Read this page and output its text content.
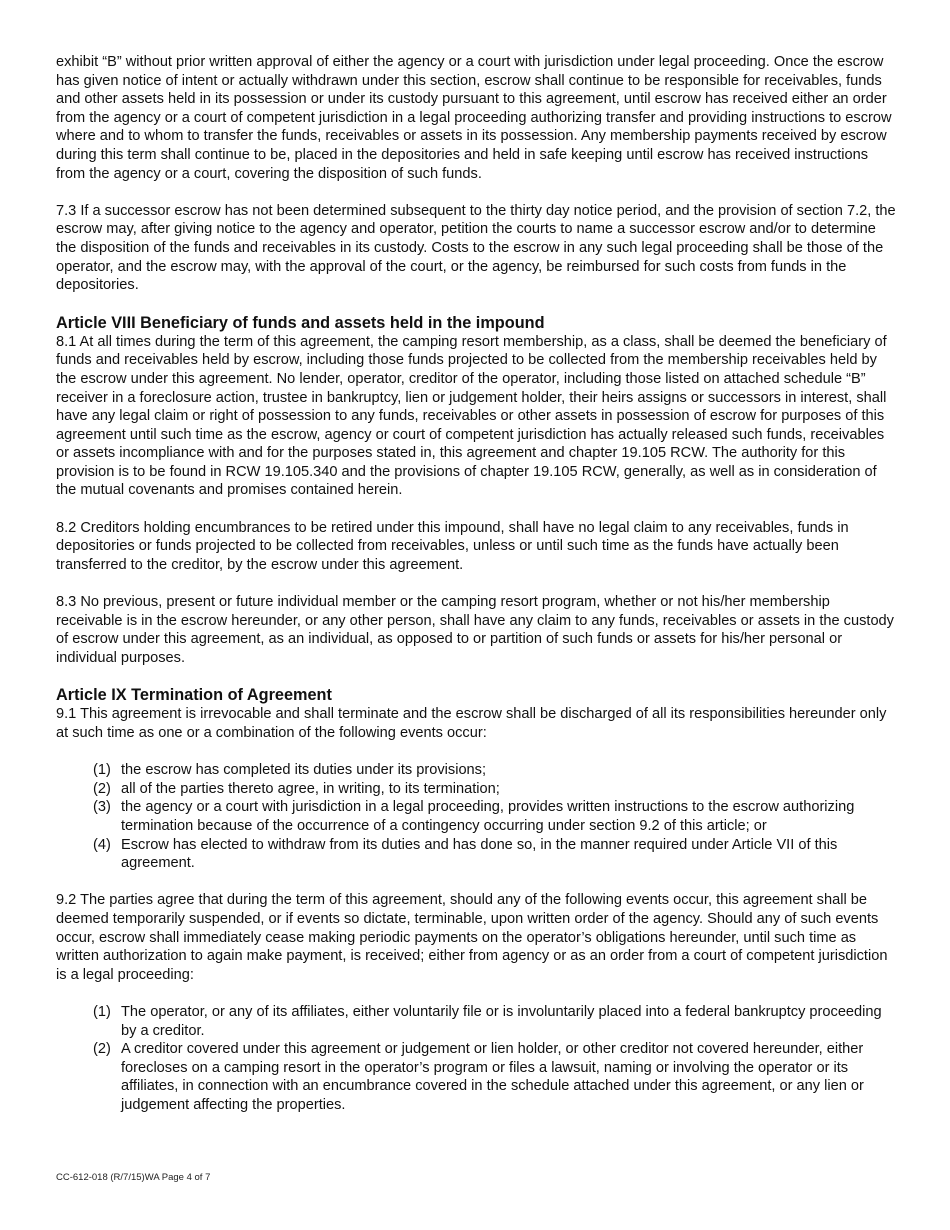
exhibit “B” without prior written approval of either the agency or a court with jurisdiction under legal proceeding. Once the escrow has given notice of intent or actually withdrawn under this section, escrow shall continue to be responsible for receivables, funds and other assets held in its possession or under its custody pursuant to this agreement, until escrow has received either an order from the agency or a court of competent jurisdiction in a legal proceeding authorizing transfer and providing instructions to escrow where and to whom to transfer the funds, receivables or assets in its possession. Any membership payments received by escrow during this term shall continue to be, placed in the depositories and held in safe keeping until escrow has received instructions from the agency or a court, covering the disposition of such funds.

7.3 If a successor escrow has not been determined subsequent to the thirty day notice period, and the provision of section 7.2, the escrow may, after giving notice to the agency and operator, petition the courts to name a successor escrow and/or to determine the disposition of the funds and receivables in its custody. Costs to the escrow in any such legal proceeding shall be those of the operator, and the escrow may, with the approval of the court, or the agency, be reimbursed for such costs from funds in the depositories.

Article VIII Beneficiary of funds and assets held in the impound

8.1 At all times during the term of this agreement, the camping resort membership, as a class, shall be deemed the beneficiary of funds and receivables held by escrow, including those funds projected to be collected from the membership receivables held by the escrow under this agreement. No lender, operator, creditor of the operator, including those listed on attached schedule “B” receiver in a foreclosure action, trustee in bankruptcy, lien or judgement holder, their heirs assigns or successors in interest, shall have any legal claim or right of possession to any funds, receivables or other assets in possession of escrow for purposes of this agreement until such time as the escrow, agency or court of competent jurisdiction has actually released such funds, receivables or assets incompliance with and for the purposes stated in, this agreement and chapter 19.105 RCW. The authority for this provision is to be found in RCW 19.105.340 and the provisions of chapter 19.105 RCW, generally, as well as in consideration of the mutual covenants and promises contained herein.

8.2 Creditors holding encumbrances to be retired under this impound, shall have no legal claim to any receivables, funds in depositories or funds projected to be collected from receivables, unless or until such time as the funds have actually been transferred to the creditor, by the escrow under this agreement.

8.3 No previous, present or future individual member or the camping resort program, whether or not his/her membership receivable is in the escrow hereunder, or any other person, shall have any claim to any funds, receivables or assets in the custody of escrow under this agreement, as an individual, as opposed to or partition of such funds or assets for his/her personal or individual purposes.

Article IX Termination of Agreement

9.1 This agreement is irrevocable and shall terminate and the escrow shall be discharged of all its responsibilities hereunder only at such time as one or a combination of the following events occur:

(1) the escrow has completed its duties under its provisions;
(2) all of the parties thereto agree, in writing, to its termination;
(3) the agency or a court with jurisdiction in a legal proceeding, provides written instructions to the escrow authorizing termination because of the occurrence of a contingency occurring under section 9.2 of this article; or
(4) Escrow has elected to withdraw from its duties and has done so, in the manner required under Article VII of this agreement.

9.2 The parties agree that during the term of this agreement, should any of the following events occur, this agreement shall be deemed temporarily suspended, or if events so dictate, terminable, upon written order of the agency. Should any of such events occur, escrow shall immediately cease making periodic payments on the operator’s obligations hereunder, until such time as written authorization to again make payment, is received; either from agency or as an order from a court of competent jurisdiction is a legal proceeding:

(1) The operator, or any of its affiliates, either voluntarily file or is involuntarily placed into a federal bankruptcy proceeding by a creditor.
(2) A creditor covered under this agreement or judgement or lien holder, or other creditor not covered hereunder, either forecloses on a camping resort in the operator’s program or files a lawsuit, naming or involving the operator or its affiliates, in connection with an encumbrance covered in the schedule attached under this agreement, or any lien or judgement affecting the properties.
CC-612-018 (R/7/15)WA Page 4 of 7
